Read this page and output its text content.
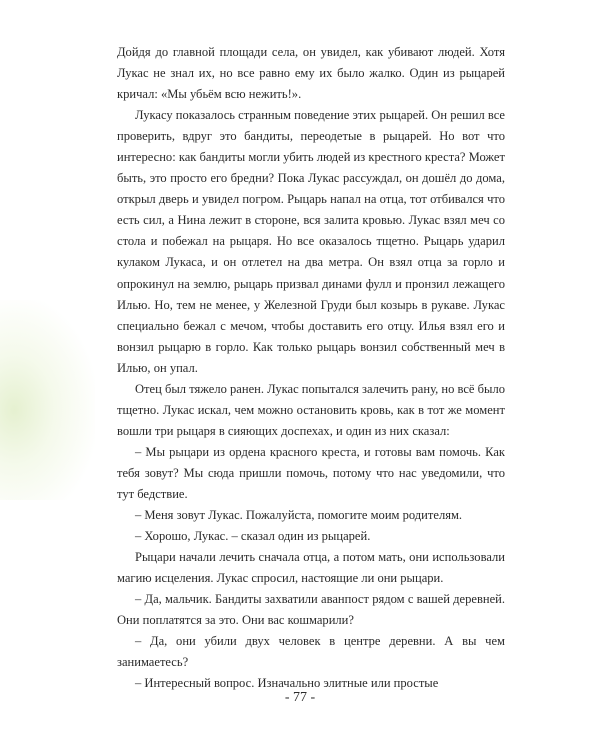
Дойдя до главной площади села, он увидел, как убивают людей. Хотя Лукас не знал их, но все равно ему их было жалко. Один из рыцарей кричал: «Мы убьём всю нежить!».

Лукасу показалось странным поведение этих рыцарей. Он решил все проверить, вдруг это бандиты, переодетые в рыцарей. Но вот что интересно: как бандиты могли убить людей из крестного креста? Может быть, это просто его бредни? Пока Лукас рассуждал, он дошёл до дома, открыл дверь и увидел погром. Рыцарь напал на отца, тот отбивался что есть сил, а Нина лежит в стороне, вся залита кровью. Лукас взял меч со стола и побежал на рыцаря. Но все оказалось тщетно. Рыцарь ударил кулаком Лукаса, и он отлетел на два метра. Он взял отца за горло и опрокинул на землю, рыцарь призвал динами фулл и пронзил лежащего Илью. Но, тем не менее, у Железной Груди был козырь в рукаве. Лукас специально бежал с мечом, чтобы доставить его отцу. Илья взял его и вонзил рыцарю в горло. Как только рыцарь вонзил собственный меч в Илью, он упал.

Отец был тяжело ранен. Лукас попытался залечить рану, но всё было тщетно. Лукас искал, чем можно остановить кровь, как в тот же момент вошли три рыцаря в сияющих доспехах, и один из них сказал:

– Мы рыцари из ордена красного креста, и готовы вам помочь. Как тебя зовут? Мы сюда пришли помочь, потому что нас уведомили, что тут бедствие.

– Меня зовут Лукас. Пожалуйста, помогите моим родителям.

– Хорошо, Лукас. – сказал один из рыцарей.

Рыцари начали лечить сначала отца, а потом мать, они использовали магию исцеления. Лукас спросил, настоящие ли они рыцари.

– Да, мальчик. Бандиты захватили аванпост рядом с вашей деревней. Они поплатятся за это. Они вас кошмарили?

– Да, они убили двух человек в центре деревни. А вы чем занимаетесь?

– Интересный вопрос. Изначально элитные или простые

- 77 -
